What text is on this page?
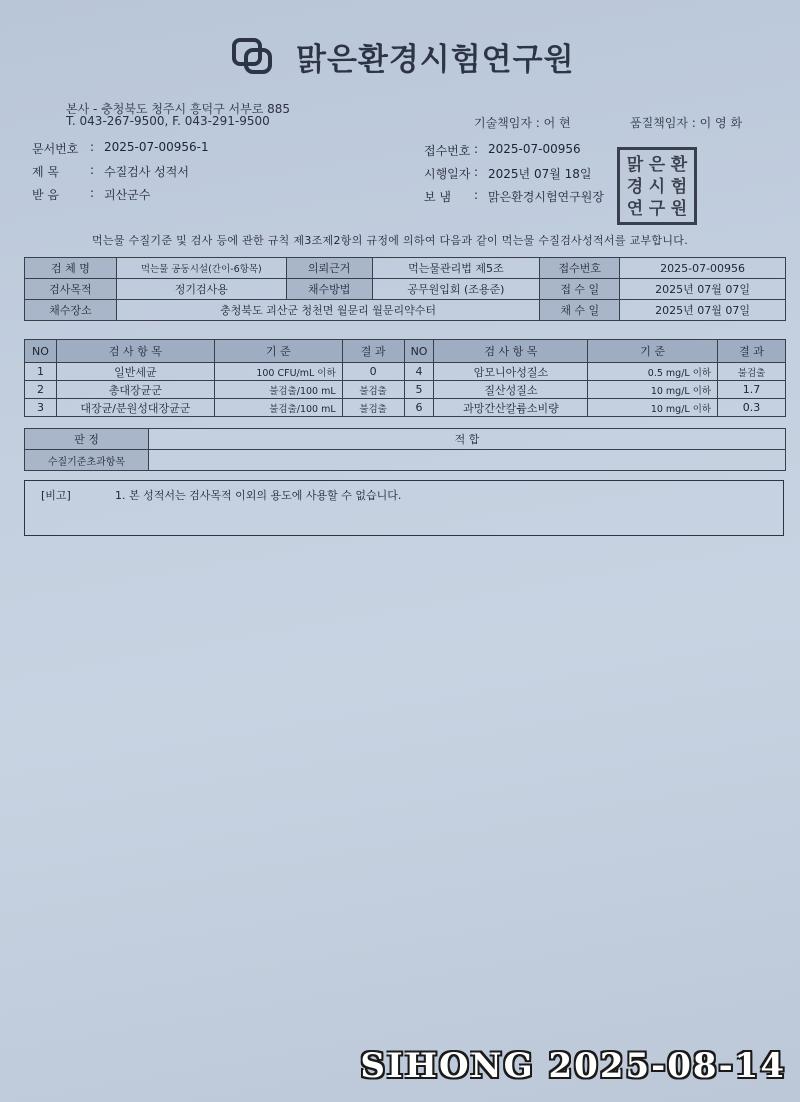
맑은환경시험연구원
본사 - 충청북도 청주시 흥덕구 서부로 885
T. 043-267-9500, F. 043-291-9500	기술책임자 : 어 현	품질책임자 : 이 영 화
문서번호 : 2025-07-00956-1
제 목	: 수질검사 성적서
받 음	: 괴산군수
접수번호 : 2025-07-00956
시행일자 : 2025년 07월 18일
보 냄 : 맑은환경시험연구원장
맑 은 환
경 시 험
연 구 원
먹는물 수질기준 및 검사 등에 관한 규칙 제3조제2항의 규정에 의하여 다음과 같이 먹는물 수질검사성적서를 교부합니다.
검 체 명	먹는물 공동시설(간이-6항목)	의뢰근거	먹는물관리법 제5조	접수번호	2025-07-00956
검사목적	정기검사용	채수방법	공무원입회 (조용준)	접 수 일	2025년 07월 07일
채수장소	충청북도 괴산군 청천면 월문리 월문리약수터			채 수 일	2025년 07월 07일
NO	검 사 항 목	기 준	결 과	NO	검 사 항 목	기 준	결 과
1	일반세균	100 CFU/mL 이하	0	4	암모니아성질소	0.5 mg/L 이하	불검출
2	총대장균군	불검출/100 mL	불검출	5	질산성질소	10 mg/L 이하	1.7
3	대장균/분원성대장균군	불검출/100 mL	불검출	6	과망간산칼륨소비량	10 mg/L 이하	0.3
판 정	적 합
수질기준초과항목	
[비고]	1. 본 성적서는 검사목적 이외의 용도에 사용할 수 없습니다.
SIHONG 2025-08-14
